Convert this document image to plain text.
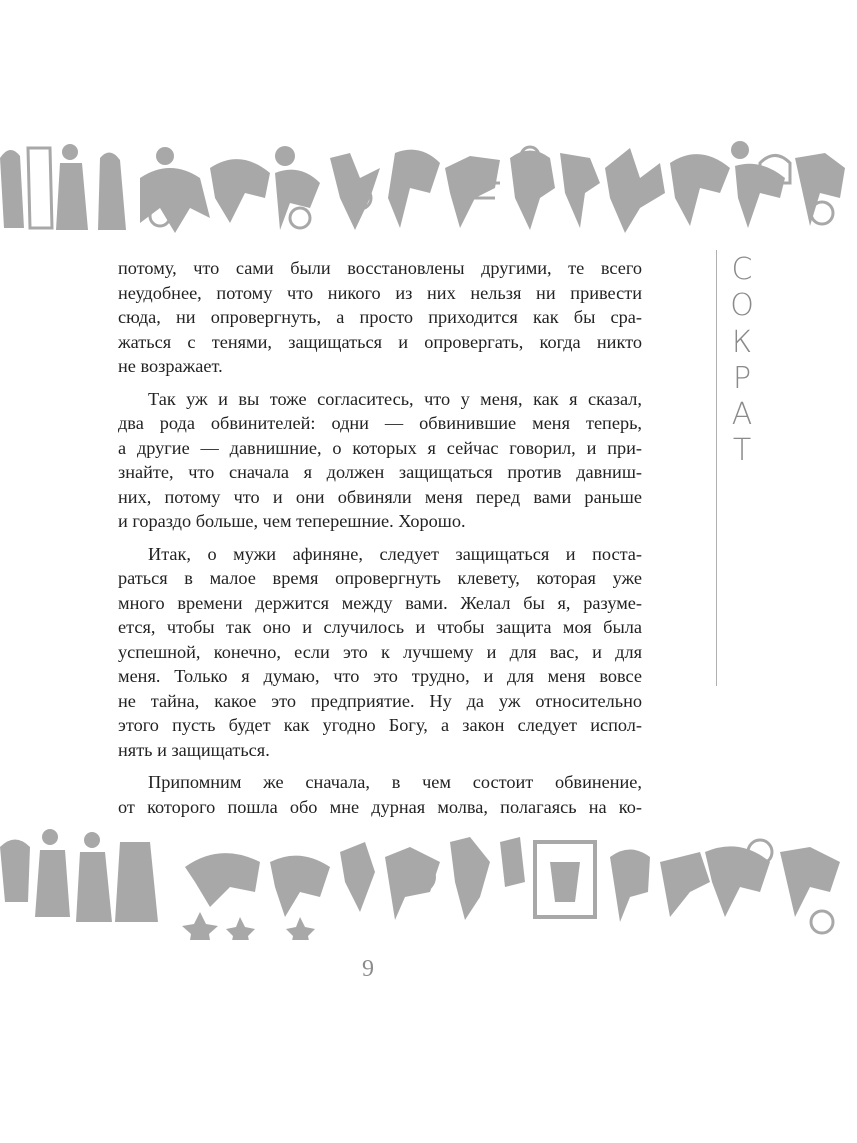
С
О
К
Р
А
Т
потому, что сами были восстановлены другими, те всего
неудобнее, потому что никого из них нельзя ни привести
сюда, ни опровергнуть, а просто приходится как бы сра-
жаться с тенями, защищаться и опровергать, когда никто
не возражает.
Так уж и вы тоже согласитесь, что у меня, как я сказал,
два рода обвинителей: одни — обвинившие меня теперь,
а другие — давнишние, о которых я сейчас говорил, и при-
знайте, что сначала я должен защищаться против давниш-
них, потому что и они обвиняли меня перед вами раньше
и гораздо больше, чем теперешние. Хорошо.
Итак, о мужи афиняне, следует защищаться и поста-
раться в малое время опровергнуть клевету, которая уже
много времени держится между вами. Желал бы я, разуме-
ется, чтобы так оно и случилось и чтобы защита моя была
успешной, конечно, если это к лучшему и для вас, и для
меня. Только я думаю, что это трудно, и для меня вовсе
не тайна, какое это предприятие. Ну да уж относительно
этого пусть будет как угодно Богу, а закон следует испол-
нять и защищаться.
Припомним же сначала, в чем состоит обвинение,
от которого пошла обо мне дурная молва, полагаясь на ко-
9
